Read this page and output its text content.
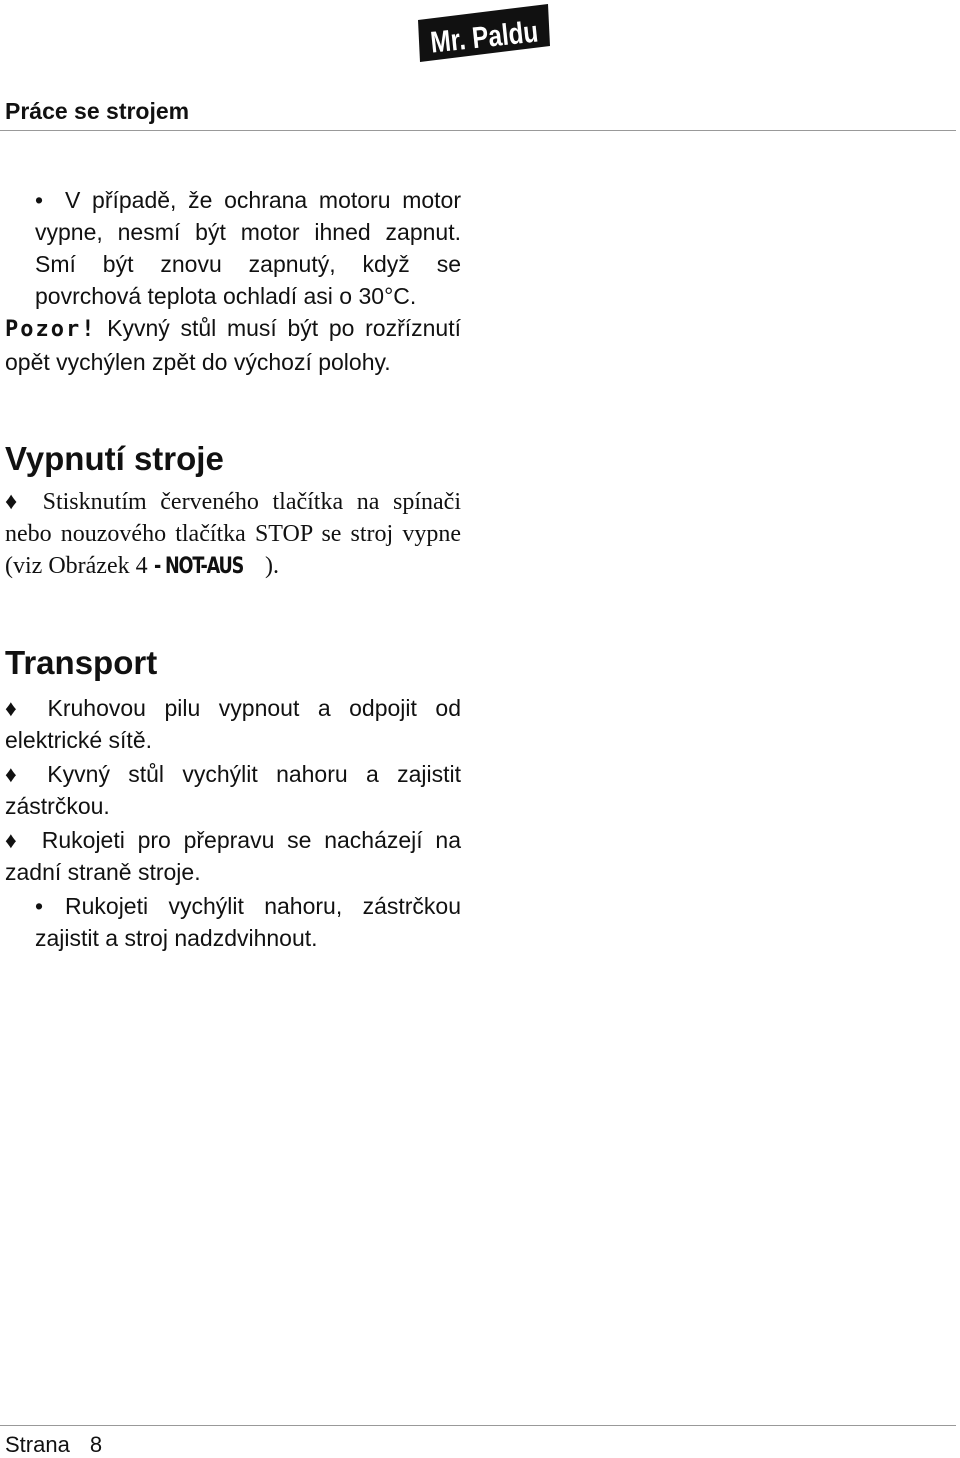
Mr. Paldu
Práce se strojem

• V případě, že ochrana motoru motor vypne, nesmí být motor ihned zapnut. Smí být znovu zapnutý, když se povrchová teplota ochladí asi o 30°C.

Pozor! Kyvný stůl musí být po rozříznutí opět vychýlen zpět do výchozí polohy.

Vypnutí stroje

♦ Stisknutím červeného tlačítka na spínači nebo nouzového tlačítka STOP se stroj vypne (viz Obrázek 4 - NOT-AUS ).

Transport

♦ Kruhovou pilu vypnout a odpojit od elektrické sítě.

♦ Kyvný stůl vychýlit nahoru a zajistit zástrčkou.

♦ Rukojeti pro přepravu se nacházejí na zadní straně stroje.

• Rukojeti vychýlit nahoru, zástrčkou zajistit a stroj nadzdvihnout.

Strana 8
